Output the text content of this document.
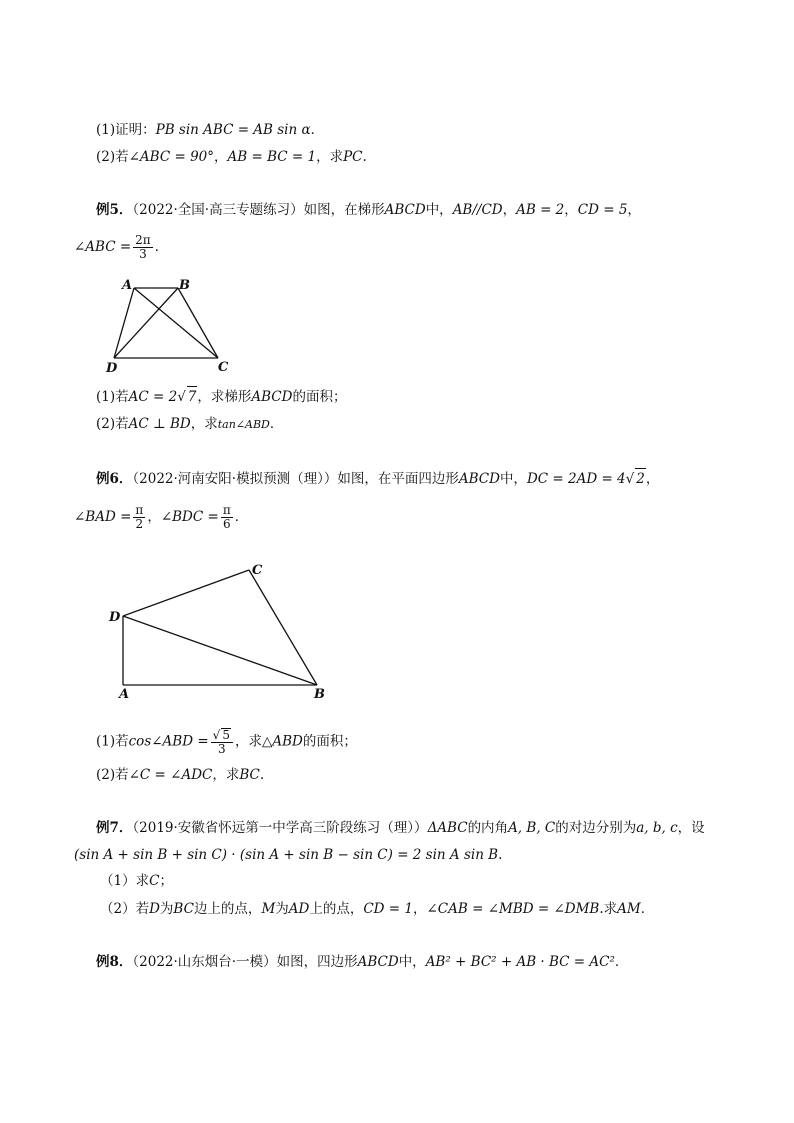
(1)证明：PB sin ABC = AB sin α．
(2)若∠ABC = 90°，AB = BC = 1，求PC.
例5．（2022·全国·高三专题练习）如图，在梯形ABCD中，AB//CD，AB = 2，CD = 5，
∠ABC = $\frac{2\pi}{3}$ ．
A	B
C
D
(1)若AC = 2√ 7，求梯形ABCD的面积；
(2)若AC ⊥ BD，求tan∠ABD．
例6．（2022·河南安阳·模拟预测（理））如图，在平面四边形ABCD中，DC = 2AD = 4√ 2，
∠BAD = $\frac{\pi}{2}$ ，∠BDC = $\frac{\pi}{6}$ ．
A	B
C
D
(1)若cos∠ABD = $\frac{√ 5}{3}$ ，求△ABD的面积；
(2)若∠C = ∠ADC，求BC.
例7．（2019·安徽省怀远第一中学高三阶段练习（理））ΔABC的内角A, B, C的对边分别为a, b, c，设
(sin A + sin B + sin C) · (sin A + sin B − sin C) = 2 sin A sin B.
（1）求C；
（2）若D为BC边上的点，M为AD上的点，CD = 1，∠CAB = ∠MBD = ∠DMB.求AM．
例8．（2022·山东烟台·一模）如图，四边形ABCD中，AB² + BC² + AB · BC = AC²．
